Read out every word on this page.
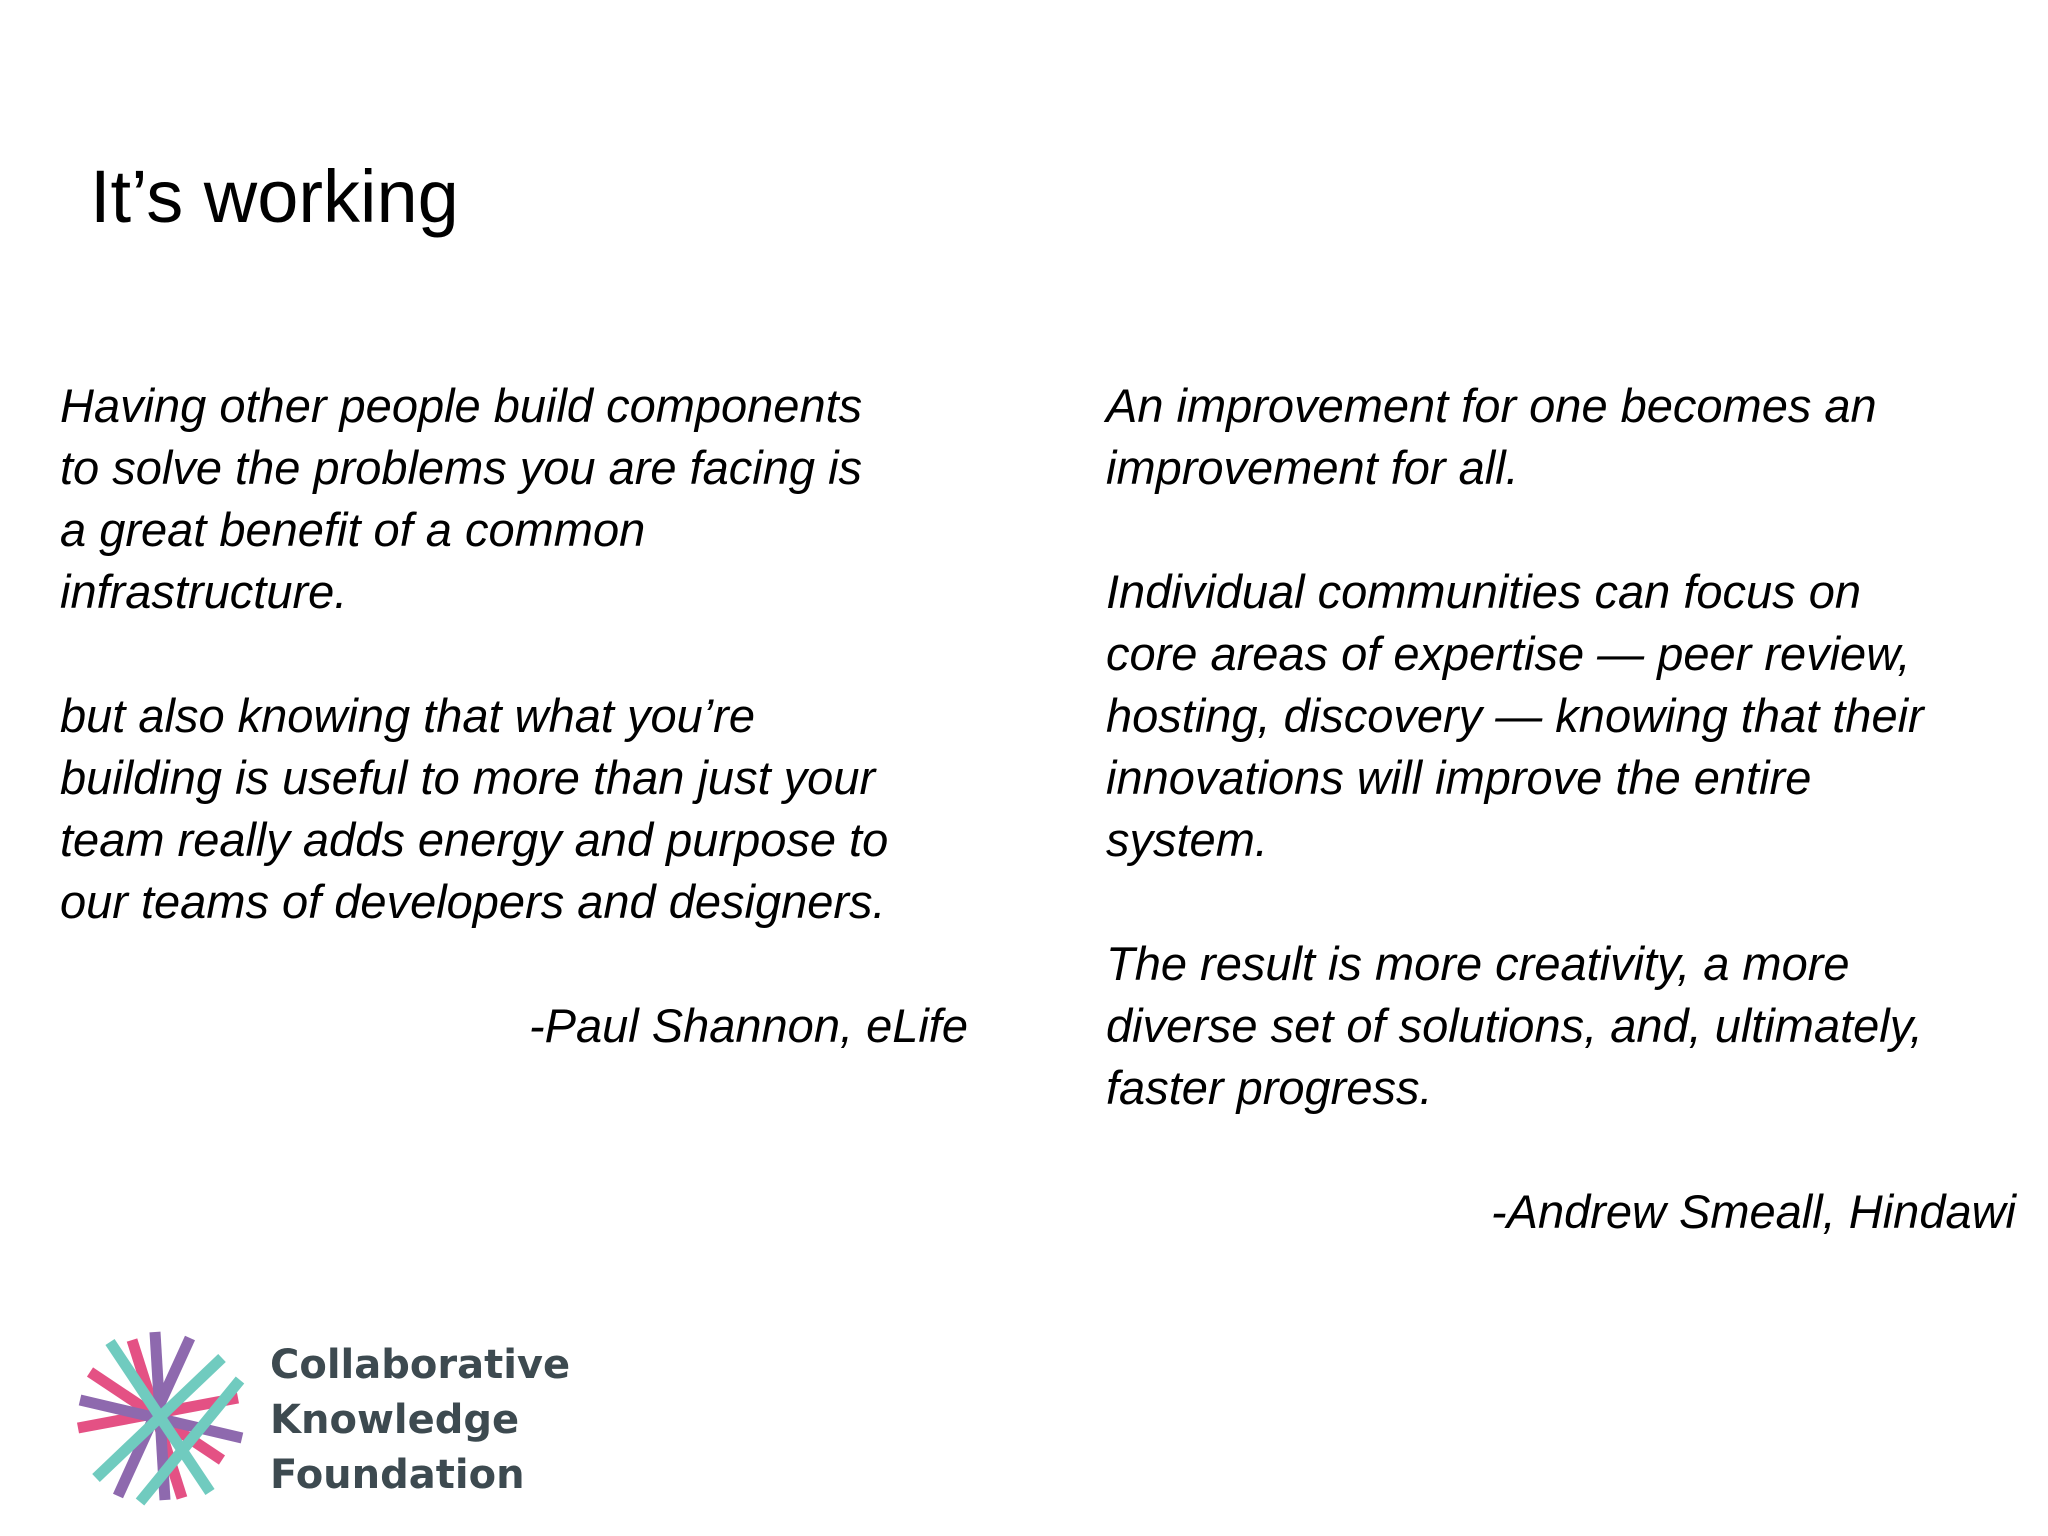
It’s working
Having other people build components
to solve the problems you are facing is
a great benefit of a common
infrastructure.
but also knowing that what you’re
building is useful to more than just your
team really adds energy and purpose to
our teams of developers and designers.
-Paul Shannon, eLife
An improvement for one becomes an
improvement for all.
Individual communities can focus on
core areas of expertise — peer review,
hosting, discovery — knowing that their
innovations will improve the entire
system.
The result is more creativity, a more
diverse set of solutions, and, ultimately,
faster progress.
-Andrew Smeall, Hindawi
Collaborative
Knowledge
Foundation
